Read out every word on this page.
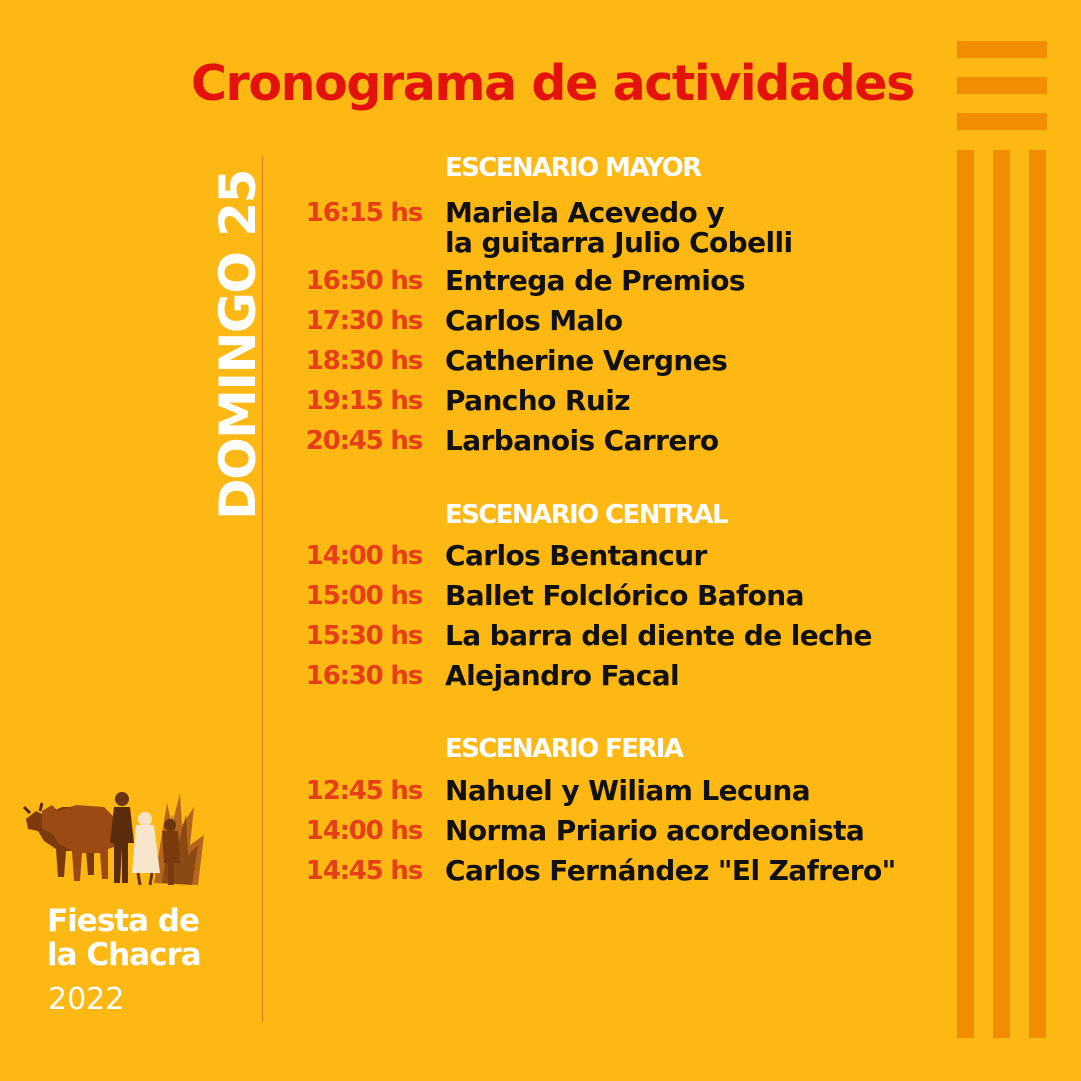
Cronograma de actividades
DOMINGO 25
ESCENARIO MAYOR
16:15 hs Mariela Acevedo y
la guitarra Julio Cobelli
16:50 hs Entrega de Premios
17:30 hs Carlos Malo
18:30 hs Catherine Vergnes
19:15 hs Pancho Ruiz
20:45 hs Larbanois Carrero
ESCENARIO CENTRAL
14:00 hs Carlos Bentancur
15:00 hs Ballet Folclórico Bafona
15:30 hs La barra del diente de leche
16:30 hs Alejandro Facal
ESCENARIO FERIA
12:45 hs Nahuel y Wiliam Lecuna
14:00 hs Norma Priario acordeonista
14:45 hs Carlos Fernández "El Zafrero"
Fiesta de
la Chacra
2022
